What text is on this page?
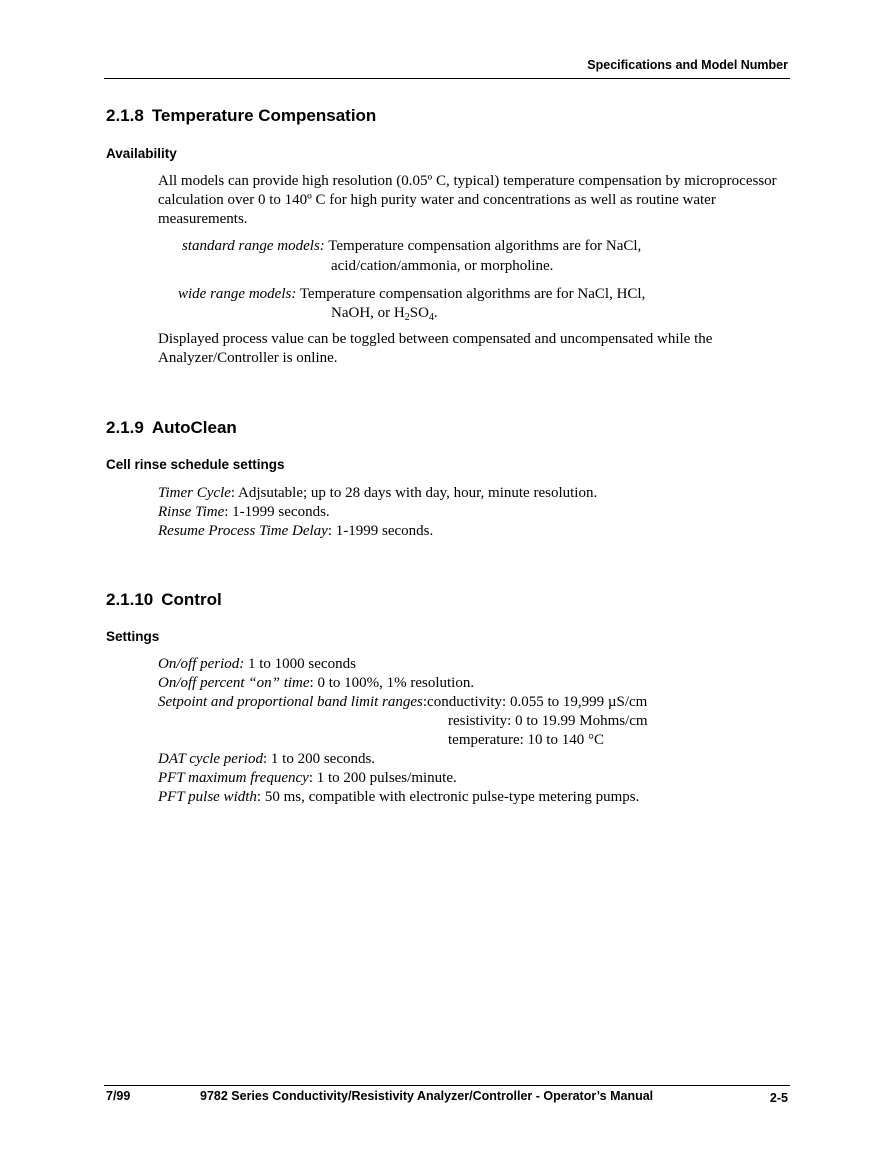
Specifications and Model Number
2.1.8 Temperature Compensation
Availability
All models can provide high resolution (0.05º C, typical) temperature compensation by microprocessor calculation over 0 to 140º C for high purity water and concentrations as well as routine water measurements.
standard range models: Temperature compensation algorithms are for NaCl,
acid/cation/ammonia, or morpholine.
wide range models: Temperature compensation algorithms are for NaCl, HCl,
NaOH, or $H_2SO_4$.
Displayed process value can be toggled between compensated and uncompensated while the Analyzer/Controller is online.
2.1.9 AutoClean
Cell rinse schedule settings
Timer Cycle: Adjsutable; up to 28 days with day, hour, minute resolution.
Rinse Time: 1-1999 seconds.
Resume Process Time Delay: 1-1999 seconds.
2.1.10 Control
Settings
On/off period: 1 to 1000 seconds
On/off percent “on” time: 0 to 100%, 1% resolution.
Setpoint and proportional band limit ranges:conductivity: 0.055 to 19,999 µS/cm
resistivity: 0 to 19.99 Mohms/cm
temperature: 10 to 140 °C
DAT cycle period: 1 to 200 seconds.
PFT maximum frequency: 1 to 200 pulses/minute.
PFT pulse width: 50 ms, compatible with electronic pulse-type metering pumps.
7/99	9782 Series Conductivity/Resistivity Analyzer/Controller - Operator’s Manual	2-5
